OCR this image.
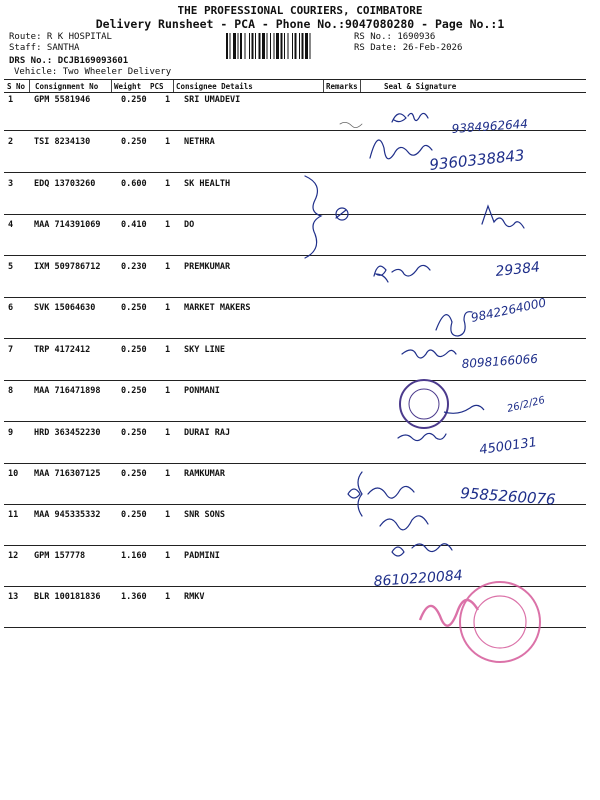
THE PROFESSIONAL COURIERS, COIMBATORE
Delivery Runsheet - PCA - Phone No.:9047080280 - Page No.:1
Route: R K HOSPITAL
Staff: SANTHA
DRS No.: DCJB169093601
Vehicle: Two Wheeler Delivery
RS No.: 1690936
RS Date: 26-Feb-2026
S No Consignment No Weight PCS Consignee Details	Remarks	Seal & Signature
1 GPM 5581946	0.250 1 SRI UMADEVI
2 TSI 8234130	0.250 1 NETHRA
3 EDQ 13703260	0.600 1 SK HEALTH
4 MAA 714391069 0.410 1 DO
5 IXM 509786712 0.230 1 PREMKUMAR
6 SVK 15064630	0.250 1 MARKET MAKERS
7 TRP 4172412	0.250 1 SKY LINE
8 MAA 716471898 0.250 1 PONMANI
9 HRD 363452230 0.250 1 DURAI RAJ
10 MAA 716307125 0.250 1 RAMKUMAR
11 MAA 945335332 0.250 1 SNR SONS
12 GPM 157778	1.160 1 PADMINI
13 BLR 100181836 1.360 1 RMKV
9384962644
9360338843
29384
9842264000
8098166066
26/2/26
4500131
9585260076
8610220084
